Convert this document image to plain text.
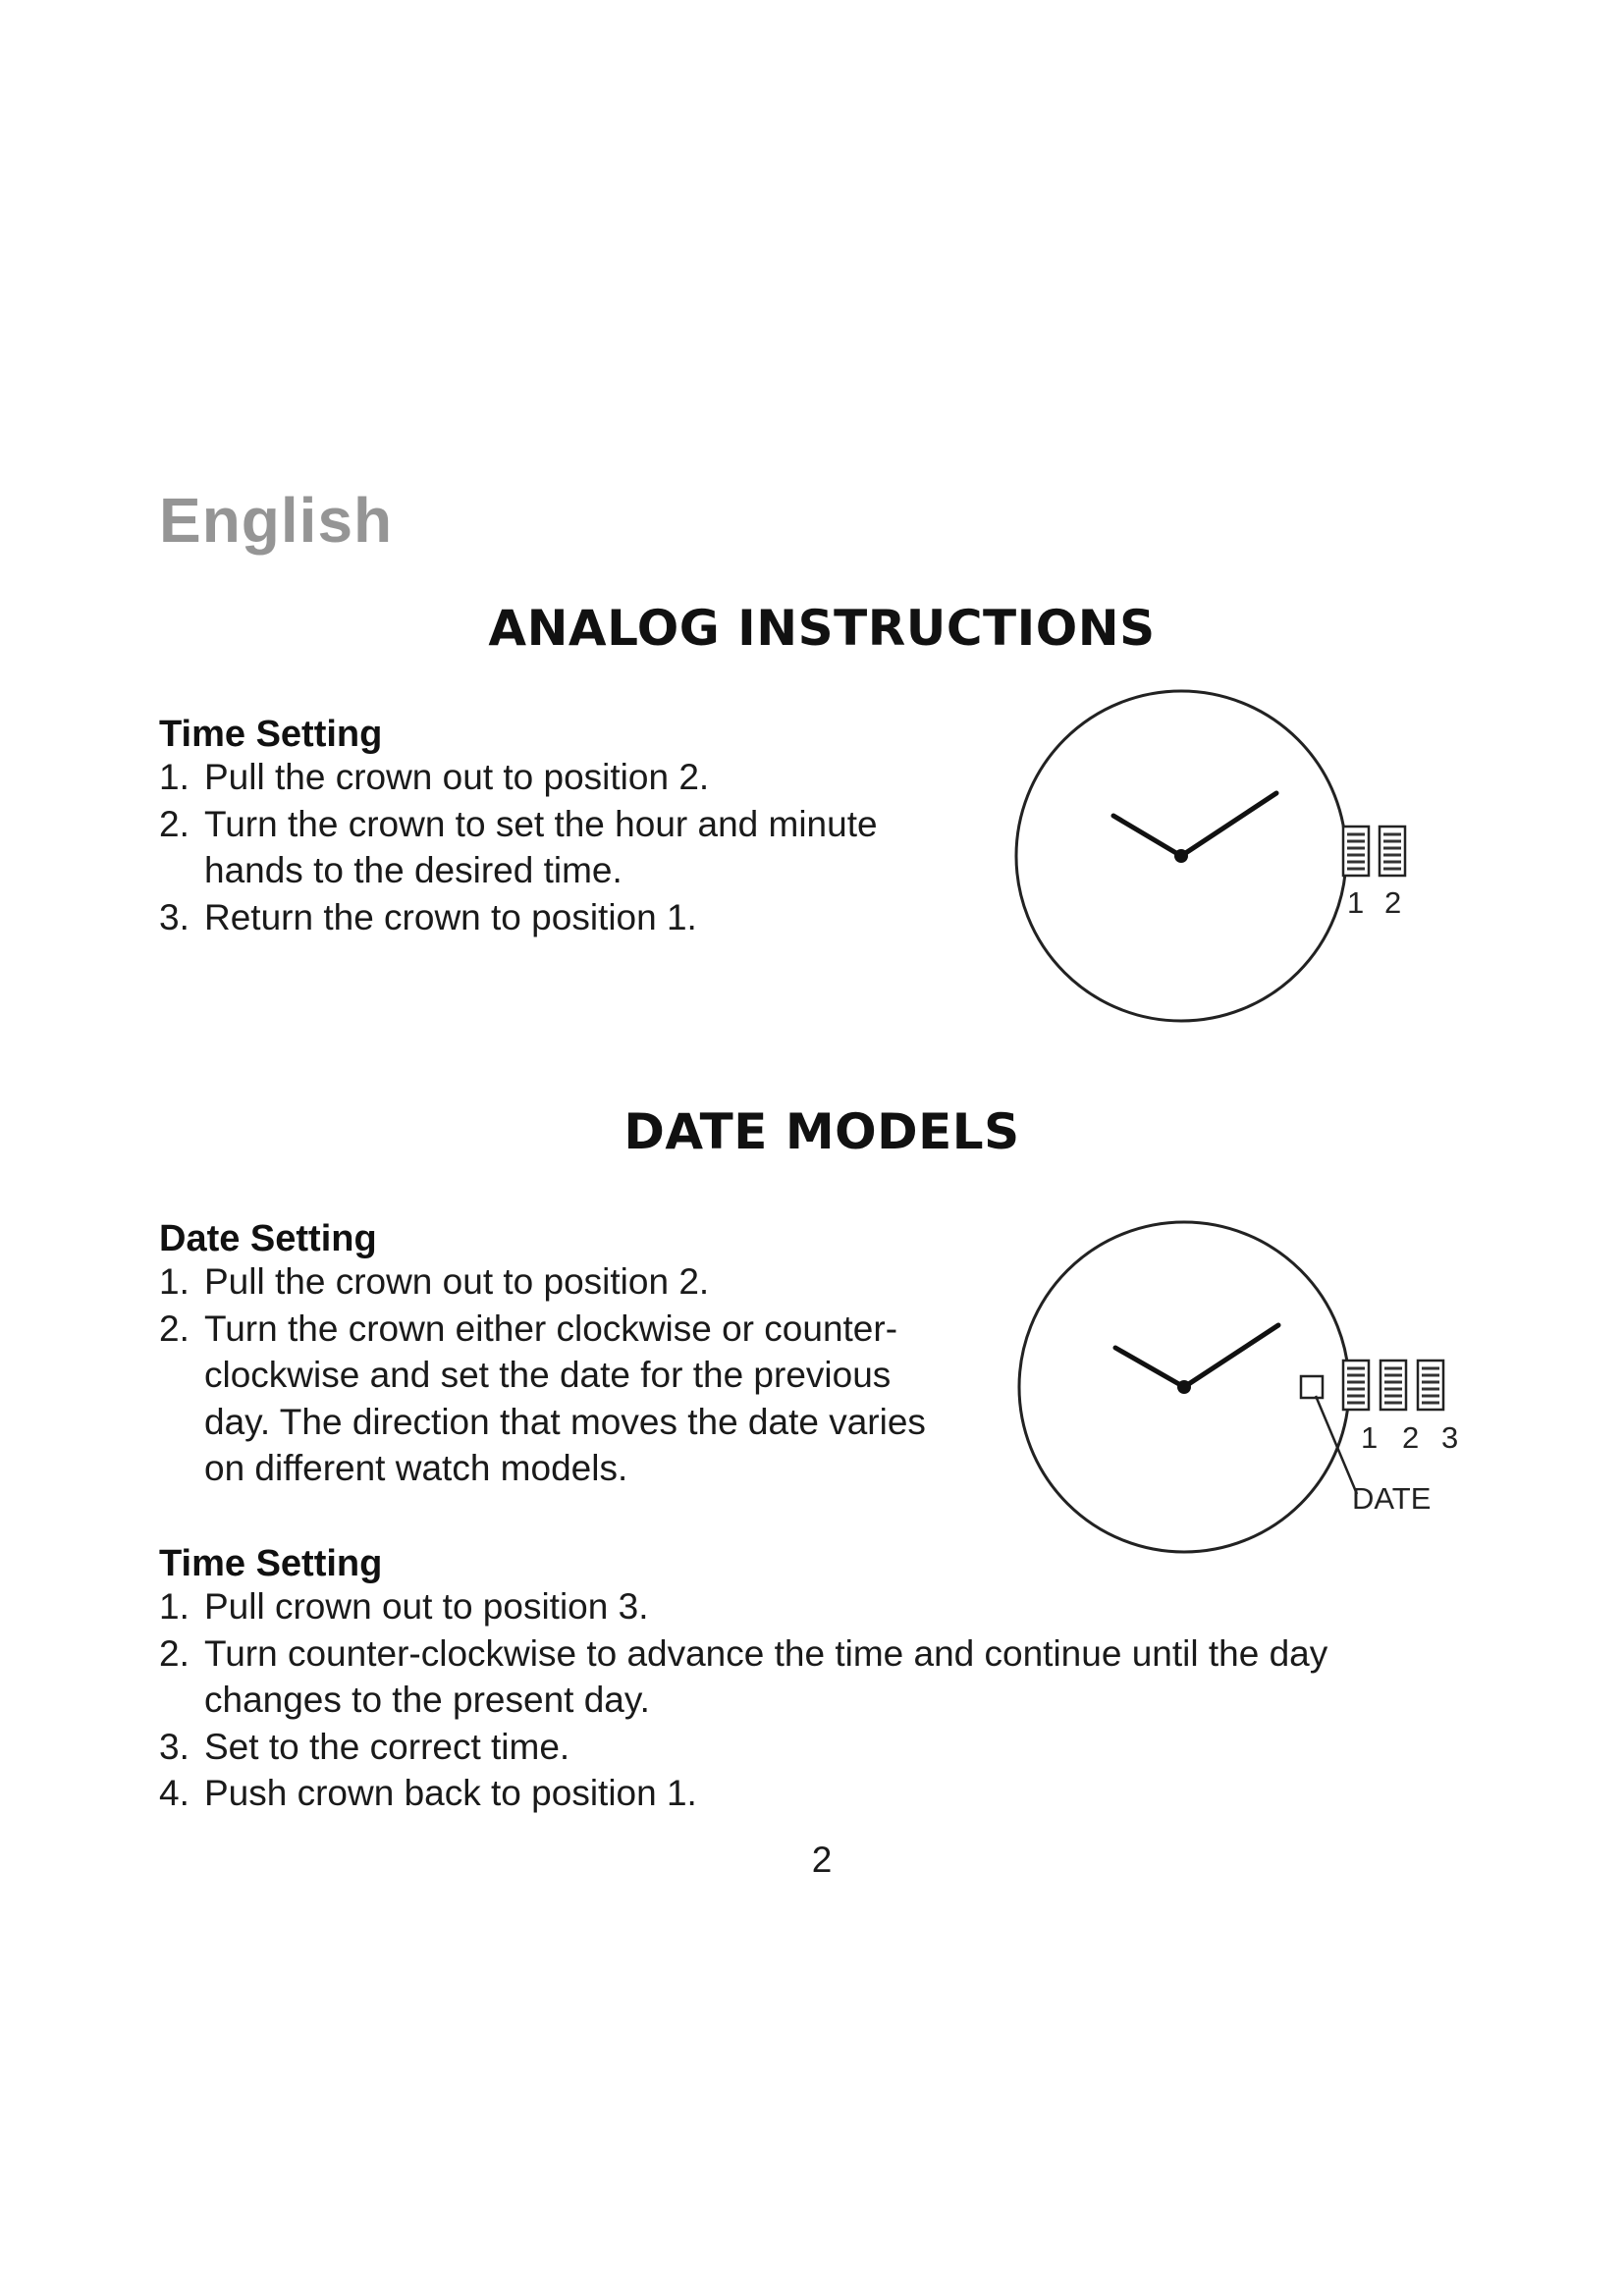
English
ANALOG INSTRUCTIONS
Time Setting
1. Pull the crown out to position 2.
2. Turn the crown to set the hour and minute hands to the desired time.
3. Return the crown to position 1.	1 2
DATE MODELS
Date Setting
1. Pull the crown out to position 2.
2. Turn the crown either clockwise or counter-clockwise and set the date for the previous day. The direction that moves the date varies on different watch models.
1 2 3
DATE
Time Setting
1. Pull crown out to position 3.
2. Turn counter-clockwise to advance the time and continue until the day changes to the present day.
3. Set to the correct time.
4. Push crown back to position 1.
2
